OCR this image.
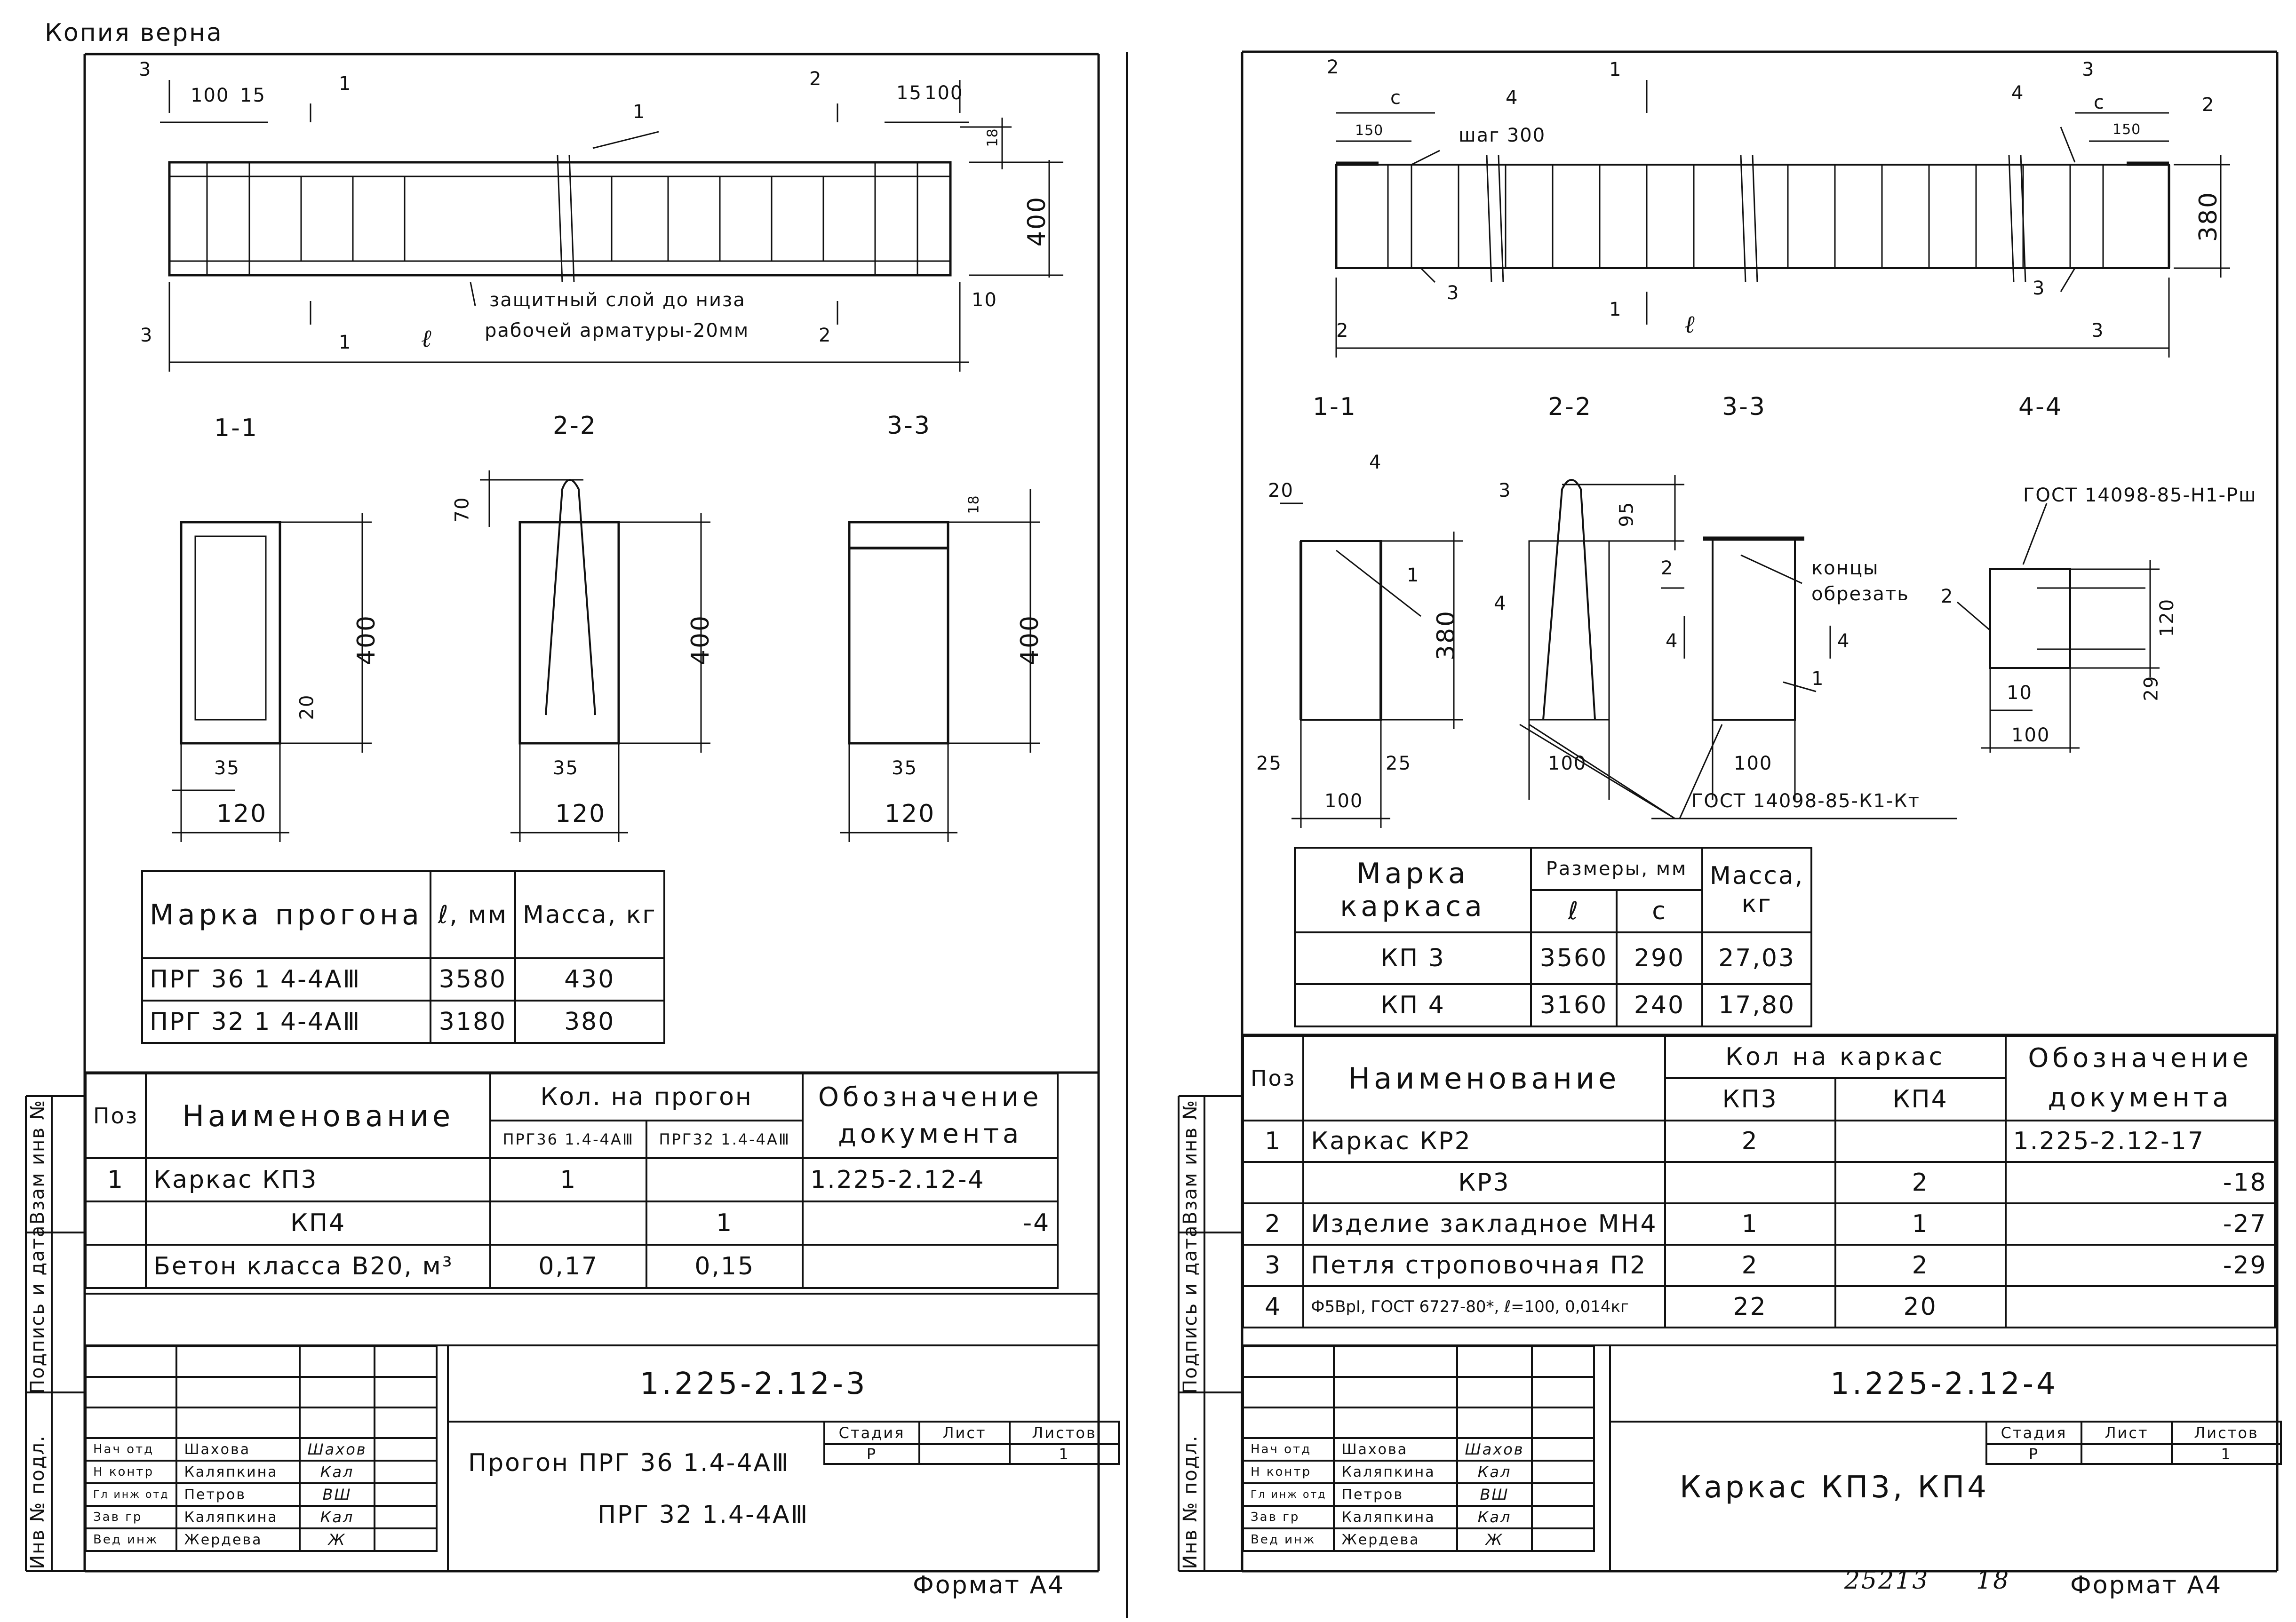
Копия верна
3
3
1
1
2
2
1
100 15	15 100
18
400
10
ℓ
защитный слой до низа
рабочей арматуры-20мм
1-1	2-2	3-3
400
20
35
120
70
400
35
120
18
400
35
120
Марка прогона	ℓ, мм	Масса, кг
ПРГ 36 1 4-4АⅢ	3580	430
ПРГ 32 1 4-4АⅢ	3180	380
Поз	Наименование	Кол. на прогон		Обозначение документа
		ПРГ36 1.4-4АⅢ	ПРГ32 1.4-4АⅢ	
1	Каркас КП3	1		1.225-2.12-4
	КП4		1	-4
	Бетон класса В20, м³	0,17	0,15	

Нач отд	Шахова	Шахов	
Н контр	Каляпкина	Кал	
Гл инж отд	Петров	ВШ	
Зав гр	Каляпкина	Кал	
Вед инж	Жердева	Ж	
1.225-2.12-3
Прогон ПРГ 36 1.4-4АⅢ
ПРГ 32 1.4-4АⅢ
Стадия	Лист	Листов
Р		1
Инв № подл.
Подпись и дата
Взам инв №
Формат А4
2
2
1
1
3
3
с	с
150	150
шаг 300
4	4
3	3
2
380
ℓ
1-1	2-2	3-3	4-4
20
4
1
380
25	25
100
3
95
4
100
2	концы
обрезать
4	4
1
100
ГОСТ 14098-85-Н1-Рш
2
120
10	29
100
ГОСТ 14098-85-К1-Кт
Марка каркаса	Размеры, мм		Масса, кг
	ℓ	с	
КП 3	3560	290	27,03
КП 4	3160	240	17,80
Поз	Наименование	Кол на каркас		Обозначение документа
		КП3	КП4	
1	Каркас КР2	2		1.225-2.12-17
	КР3		2	-18
2	Изделие закладное МН4	1	1	-27
3	Петля строповочная П2	2	2	-29
4	Ф5ВрI, ГОСТ 6727-80*, ℓ=100, 0,014кг	22	20	

Нач отд	Шахова	Шахов	
Н контр	Каляпкина	Кал	
Гл инж отд	Петров	ВШ	
Зав гр	Каляпкина	Кал	
Вед инж	Жердева	Ж	
1.225-2.12-4
Каркас КП3, КП4
Стадия	Лист	Листов
Р		1
Инв № подл.
Подпись и дата
Взам инв №
25213 18 Формат А4
